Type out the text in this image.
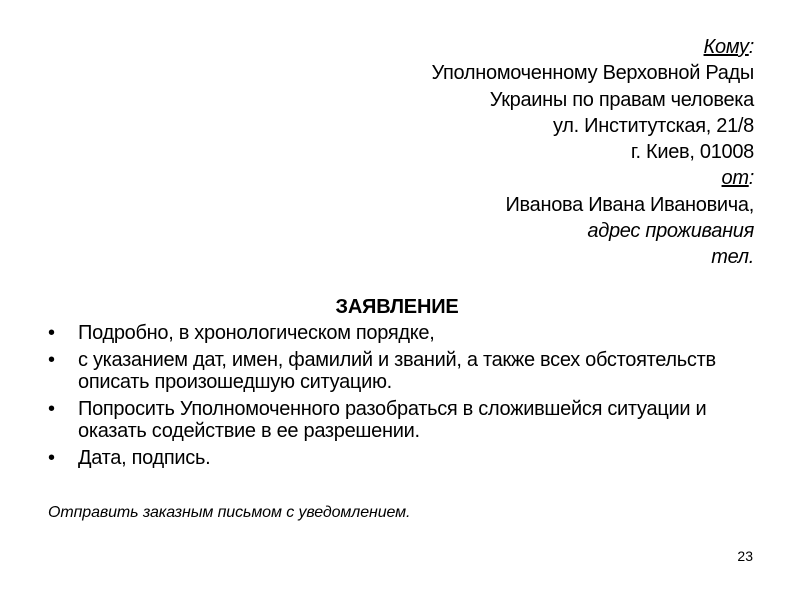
Кому:
Уполномоченному Верховной Рады
Украины по правам человека
ул. Институтская, 21/8
г. Киев, 01008
от:
Иванова Ивана Ивановича,
адрес проживания
тел.
ЗАЯВЛЕНИЕ
• Подробно, в хронологическом порядке,
• с указанием дат, имен, фамилий и званий, а также всех обстоятельств описать произошедшую ситуацию.
• Попросить Уполномоченного разобраться в сложившейся ситуации и оказать содействие в ее разрешении.
• Дата, подпись.
Отправить заказным письмом с уведомлением.
23
